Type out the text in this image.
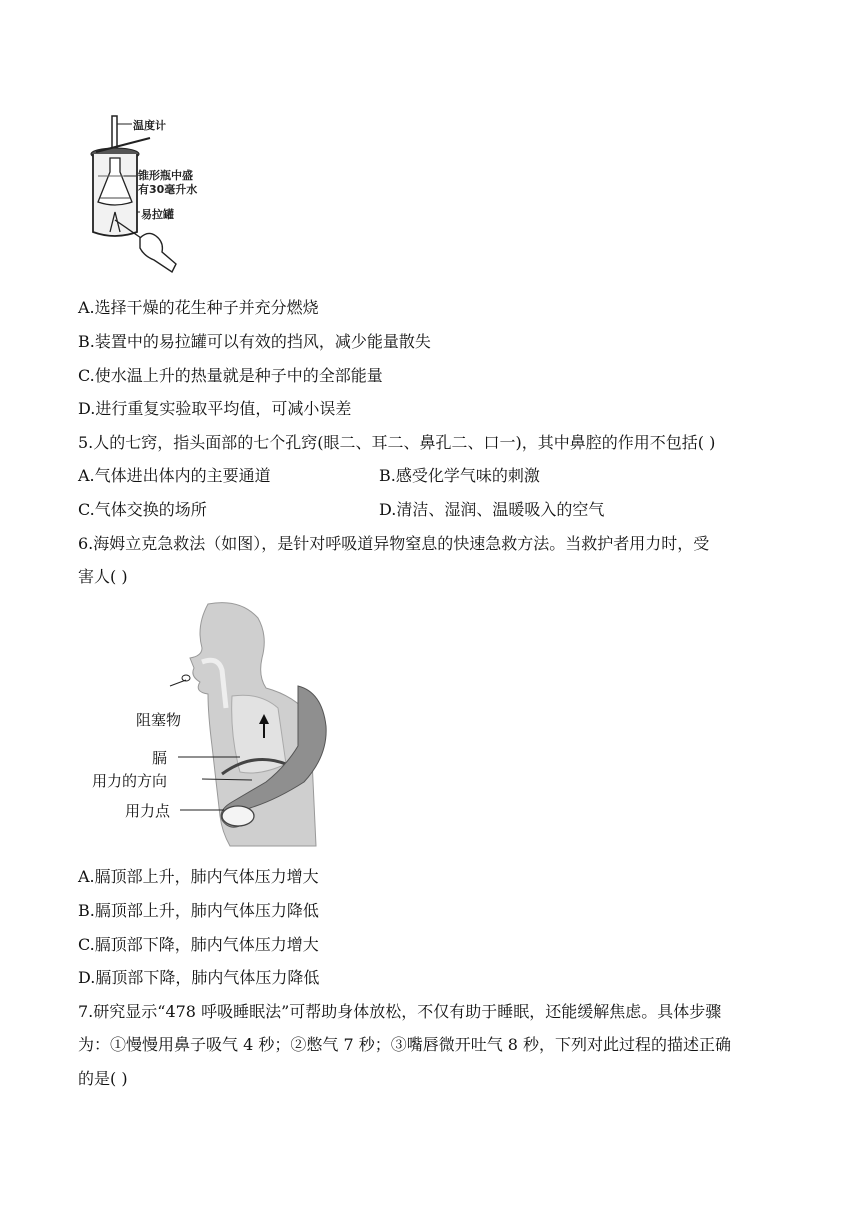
温度计
锥形瓶中盛
有30毫升水
易拉罐
A.选择干燥的花生种子并充分燃烧
B.装置中的易拉罐可以有效的挡风，减少能量散失
C.使水温上升的热量就是种子中的全部能量
D.进行重复实验取平均值，可减小误差
5.人的七窍，指头面部的七个孔窍(眼二、耳二、鼻孔二、口一)，其中鼻腔的作用不包括( )
A.气体进出体内的主要通道	B.感受化学气味的刺激
C.气体交换的场所	D.清洁、湿润、温暖吸入的空气
6.海姆立克急救法（如图），是针对呼吸道异物窒息的快速急救方法。当救护者用力时，受
害人( )
阻塞物
膈
用力的方向
用力点
A.膈顶部上升，肺内气体压力增大
B.膈顶部上升，肺内气体压力降低
C.膈顶部下降，肺内气体压力增大
D.膈顶部下降，肺内气体压力降低
7.研究显示“478 呼吸睡眠法”可帮助身体放松，不仅有助于睡眠，还能缓解焦虑。具体步骤
为：①慢慢用鼻子吸气 4 秒；②憋气 7 秒；③嘴唇微开吐气 8 秒，下列对此过程的描述正确
的是( )
